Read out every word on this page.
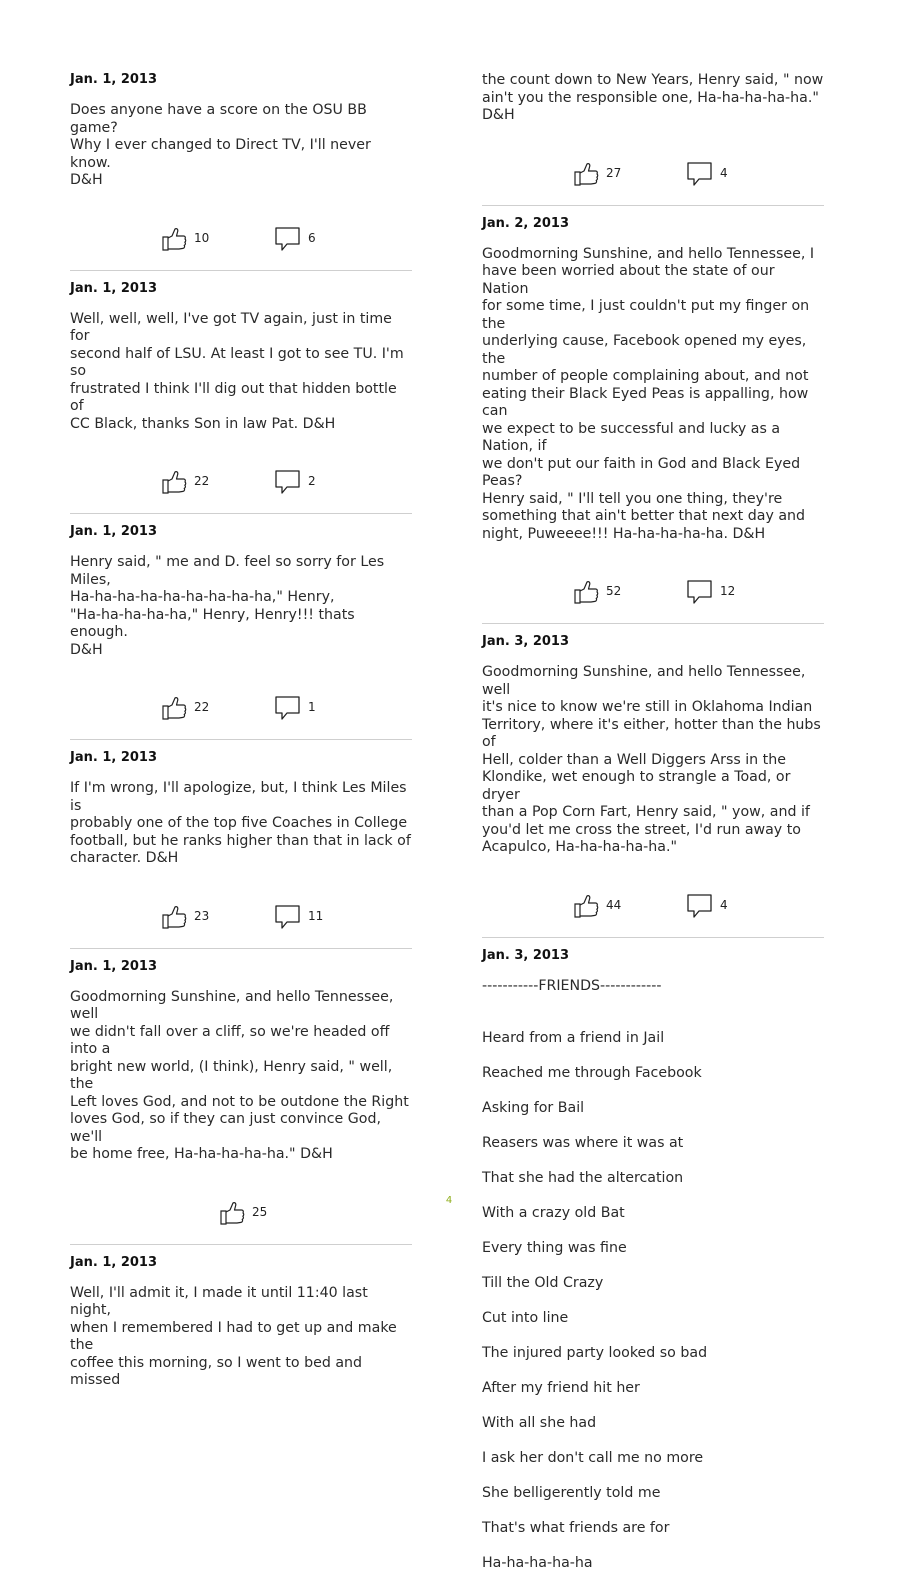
Jan. 1, 2013

Does anyone have a score on the OSU BB game?
Why I ever changed to Direct TV, I'll never know.
D&H

10	6

Jan. 1, 2013

Well, well, well, I've got TV again, just in time for
second half of LSU. At least I got to see TU. I'm so
frustrated I think I'll dig out that hidden bottle of
CC Black, thanks Son in law Pat. D&H

22	2

Jan. 1, 2013

Henry said, " me and D. feel so sorry for Les Miles,
Ha-ha-ha-ha-ha-ha-ha-ha-ha," Henry,
"Ha-ha-ha-ha-ha," Henry, Henry!!! thats enough.
D&H

22	1

Jan. 1, 2013

If I'm wrong, I'll apologize, but, I think Les Miles is
probably one of the top five Coaches in College
football, but he ranks higher than that in lack of
character. D&H

23	11

Jan. 1, 2013

Goodmorning Sunshine, and hello Tennessee, well
we didn't fall over a cliff, so we're headed off into a
bright new world, (I think), Henry said, " well, the
Left loves God, and not to be outdone the Right
loves God, so if they can just convince God, we'll
be home free, Ha-ha-ha-ha-ha." D&H

25

Jan. 1, 2013

Well, I'll admit it, I made it until 11:40 last night,
when I remembered I had to get up and make the
coffee this morning, so I went to bed and missed

the count down to New Years, Henry said, " now
ain't you the responsible one, Ha-ha-ha-ha-ha."
D&H

27	4

Jan. 2, 2013

Goodmorning Sunshine, and hello Tennessee, I
have been worried about the state of our Nation
for some time, I just couldn't put my finger on the
underlying cause, Facebook opened my eyes, the
number of people complaining about, and not
eating their Black Eyed Peas is appalling, how can
we expect to be successful and lucky as a Nation, if
we don't put our faith in God and Black Eyed Peas?
Henry said, " I'll tell you one thing, they're
something that ain't better that next day and
night, Puweeee!!! Ha-ha-ha-ha-ha. D&H

52	12

Jan. 3, 2013

Goodmorning Sunshine, and hello Tennessee, well
it's nice to know we're still in Oklahoma Indian
Territory, where it's either, hotter than the hubs of
Hell, colder than a Well Diggers Arss in the
Klondike, wet enough to strangle a Toad, or dryer
than a Pop Corn Fart, Henry said, " yow, and if
you'd let me cross the street, I'd run away to
Acapulco, Ha-ha-ha-ha-ha."

44	4

Jan. 3, 2013

-----------FRIENDS------------

Heard from a friend in Jail

Reached me through Facebook

Asking for Bail

Reasers was where it was at

That she had the altercation

With a crazy old Bat

Every thing was fine

Till the Old Crazy

Cut into line

The injured party looked so bad

After my friend hit her

With all she had

I ask her don't call me no more

She belligerently told me

That's what friends are for

Ha-ha-ha-ha-ha

4
